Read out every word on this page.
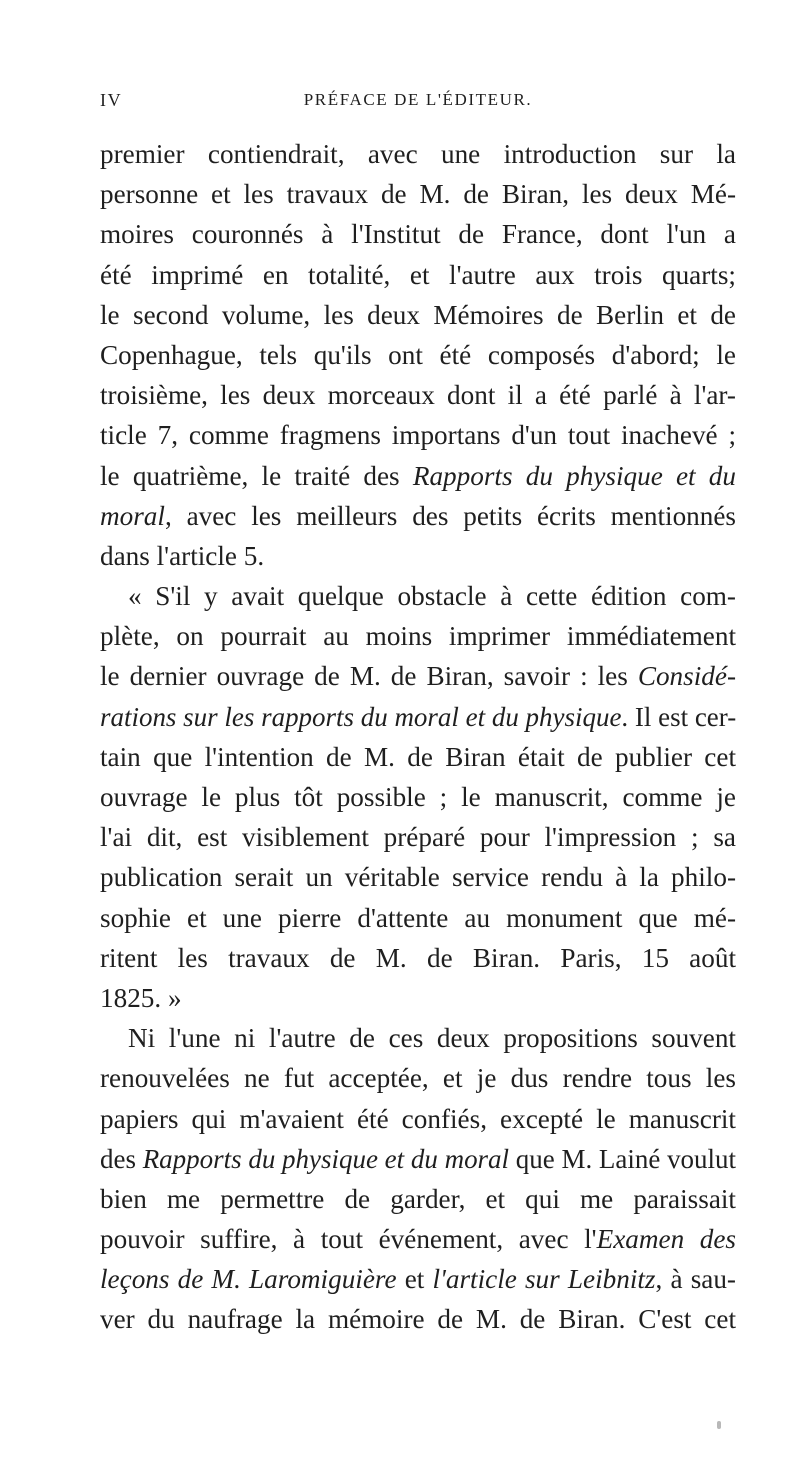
IV	PRÉFACE DE L'ÉDITEUR.
premier contiendrait, avec une introduction sur la
personne et les travaux de M. de Biran, les deux Mé-
moires couronnés à l'Institut de France, dont l'un a
été imprimé en totalité, et l'autre aux trois quarts;
le second volume, les deux Mémoires de Berlin et de
Copenhague, tels qu'ils ont été composés d'abord; le
troisième, les deux morceaux dont il a été parlé à l'ar-
ticle 7, comme fragmens importans d'un tout inachevé ;
le quatrième, le traité des Rapports du physique et du
moral, avec les meilleurs des petits écrits mentionnés
dans l'article 5.
« S'il y avait quelque obstacle à cette édition com-
plète, on pourrait au moins imprimer immédiatement
le dernier ouvrage de M. de Biran, savoir : les Considé-
rations sur les rapports du moral et du physique. Il est cer-
tain que l'intention de M. de Biran était de publier cet
ouvrage le plus tôt possible ; le manuscrit, comme je
l'ai dit, est visiblement préparé pour l'impression ; sa
publication serait un véritable service rendu à la philo-
sophie et une pierre d'attente au monument que mé-
ritent les travaux de M. de Biran. Paris, 15 août
1825. »
Ni l'une ni l'autre de ces deux propositions souvent
renouvelées ne fut acceptée, et je dus rendre tous les
papiers qui m'avaient été confiés, excepté le manuscrit
des Rapports du physique et du moral que M. Lainé voulut
bien me permettre de garder, et qui me paraissait
pouvoir suffire, à tout événement, avec l'Examen des
leçons de M. Laromiguière et l'article sur Leibnitz, à sau-
ver du naufrage la mémoire de M. de Biran. C'est cet
